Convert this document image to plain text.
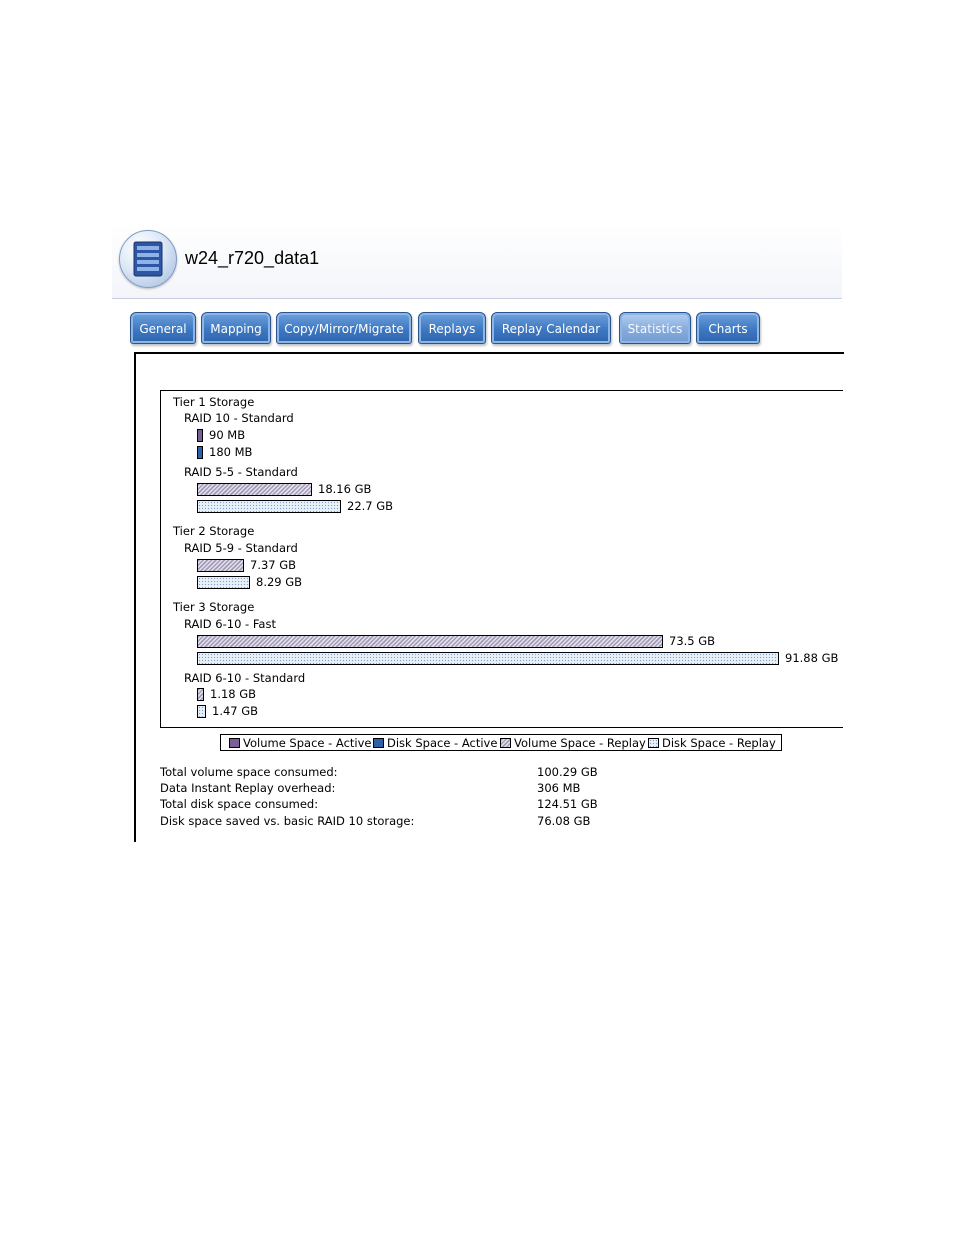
w24_r720_data1
General	Mapping	Copy/Mirror/Migrate	Replays	Replay Calendar	Statistics	Charts
Tier 1 Storage
RAID 10 - Standard
90 MB
180 MB
RAID 5-5 - Standard
18.16 GB
22.7 GB
Tier 2 Storage
RAID 5-9 - Standard
7.37 GB
8.29 GB
Tier 3 Storage
RAID 6-10 - Fast
73.5 GB
91.88 GB
RAID 6-10 - Standard
1.18 GB
1.47 GB
Volume Space - Active Disk Space - Active Volume Space - Replay Disk Space - Replay
Total volume space consumed:	100.29 GB
Data Instant Replay overhead:	306 MB
Total disk space consumed:	124.51 GB
Disk space saved vs. basic RAID 10 storage:	76.08 GB
